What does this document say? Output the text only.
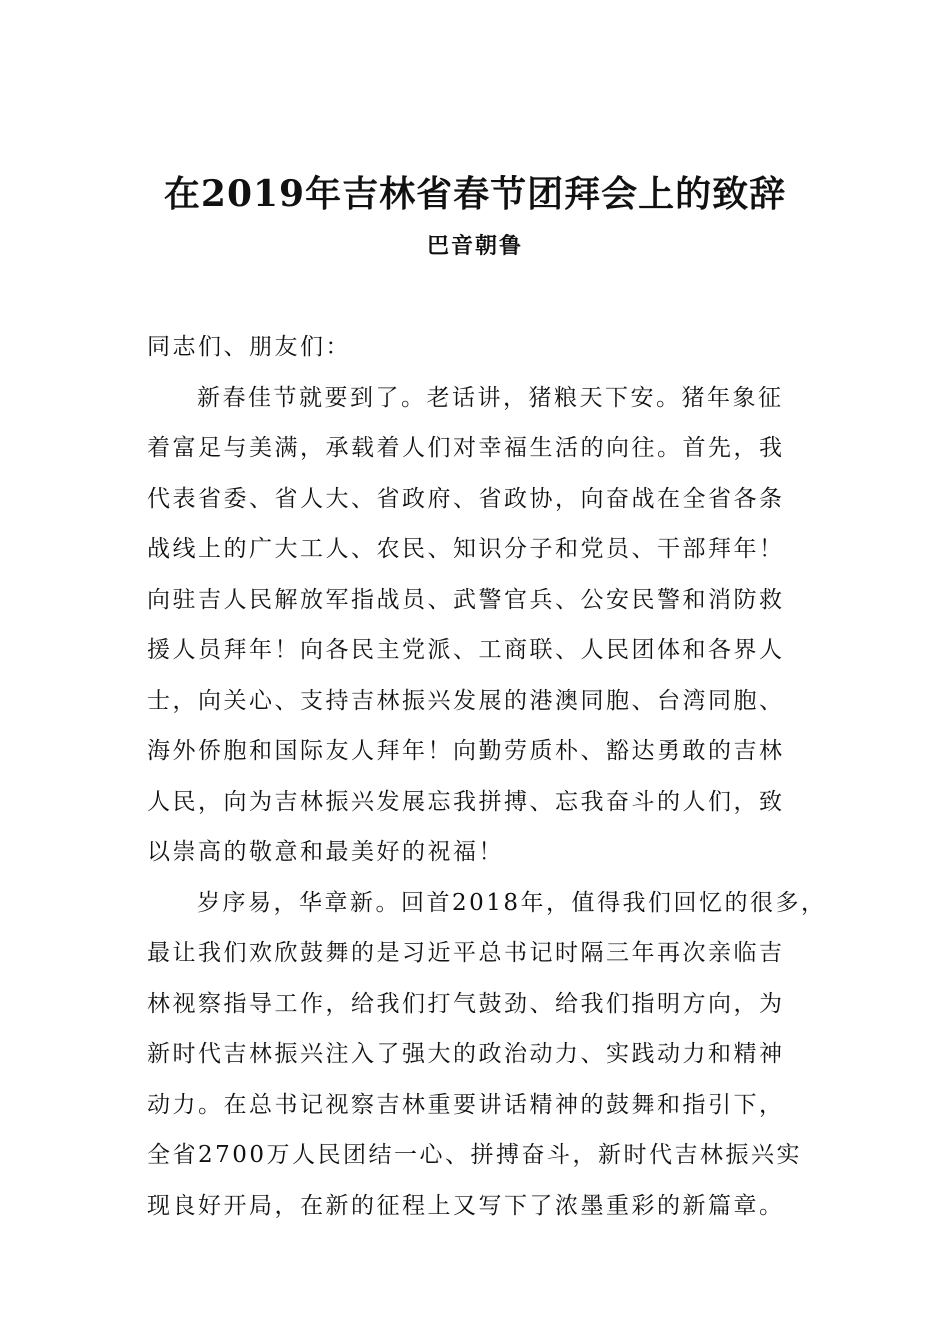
在2019年吉林省春节团拜会上的致辞
巴音朝鲁
同志们、朋友们：
新春佳节就要到了。老话讲，猪粮天下安。猪年象征
着富足与美满，承载着人们对幸福生活的向往。首先，我
代表省委、省人大、省政府、省政协，向奋战在全省各条
战线上的广大工人、农民、知识分子和党员、干部拜年！
向驻吉人民解放军指战员、武警官兵、公安民警和消防救
援人员拜年！向各民主党派、工商联、人民团体和各界人
士，向关心、支持吉林振兴发展的港澳同胞、台湾同胞、
海外侨胞和国际友人拜年！向勤劳质朴、豁达勇敢的吉林
人民，向为吉林振兴发展忘我拼搏、忘我奋斗的人们，致
以崇高的敬意和最美好的祝福！
岁序易，华章新。回首2018年，值得我们回忆的很多，
最让我们欢欣鼓舞的是习近平总书记时隔三年再次亲临吉
林视察指导工作，给我们打气鼓劲、给我们指明方向，为
新时代吉林振兴注入了强大的政治动力、实践动力和精神
动力。在总书记视察吉林重要讲话精神的鼓舞和指引下，
全省2700万人民团结一心、拼搏奋斗，新时代吉林振兴实
现良好开局，在新的征程上又写下了浓墨重彩的新篇章。
